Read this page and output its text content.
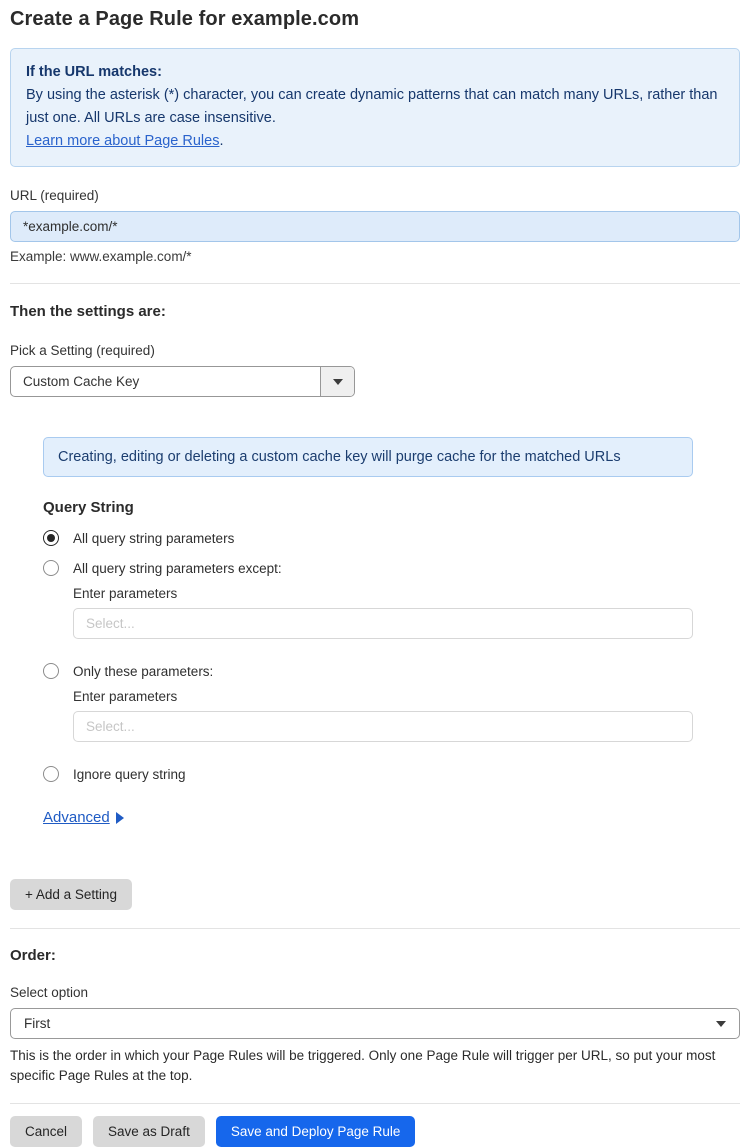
Create a Page Rule for example.com
If the URL matches:
By using the asterisk (*) character, you can create dynamic patterns that can match many URLs, rather than just one. All URLs are case insensitive.
Learn more about Page Rules.
URL (required)
*example.com/*
Example: www.example.com/*
Then the settings are:
Pick a Setting (required)
Custom Cache Key
Creating, editing or deleting a custom cache key will purge cache for the matched URLs
Query String
All query string parameters
All query string parameters except:
Enter parameters
Select...
Only these parameters:
Enter parameters
Select...
Ignore query string
Advanced
+ Add a Setting
Order:
Select option
First
This is the order in which your Page Rules will be triggered. Only one Page Rule will trigger per URL, so put your most specific Page Rules at the top.
Cancel	Save as Draft	Save and Deploy Page Rule
